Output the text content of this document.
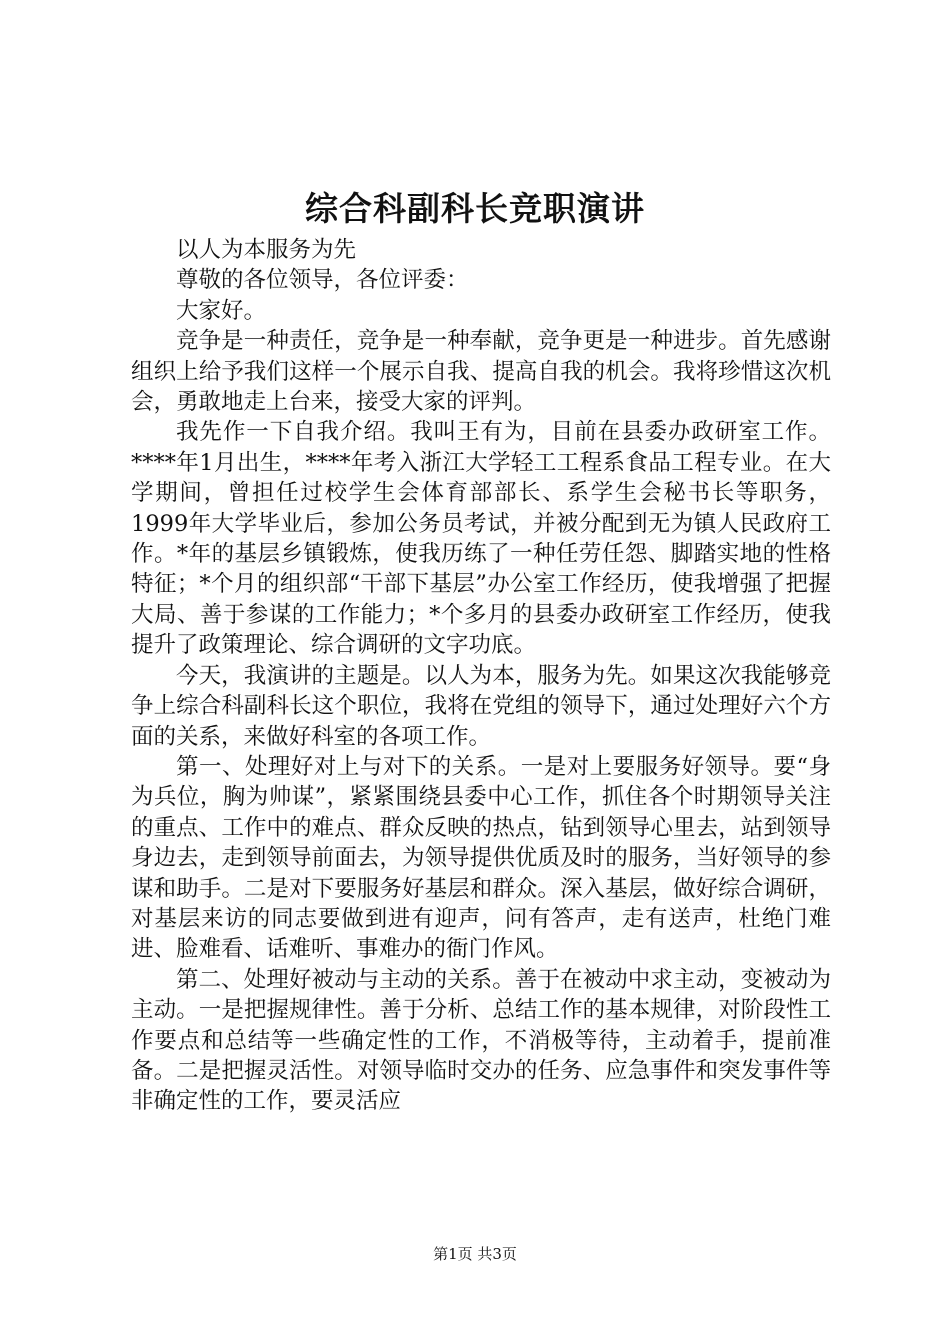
综合科副科长竞职演讲

以人为本服务为先

尊敬的各位领导，各位评委：

大家好。

竞争是一种责任，竞争是一种奉献，竞争更是一种进步。首先感谢组织上给予我们这样一个展示自我、提高自我的机会。我将珍惜这次机会，勇敢地走上台来，接受大家的评判。

我先作一下自我介绍。我叫王有为，目前在县委办政研室工作。****年1月出生，****年考入浙江大学轻工工程系食品工程专业。在大学期间，曾担任过校学生会体育部部长、系学生会秘书长等职务，1999年大学毕业后，参加公务员考试，并被分配到无为镇人民政府工作。*年的基层乡镇锻炼，使我历练了一种任劳任怨、脚踏实地的性格特征；*个月的组织部“干部下基层”办公室工作经历，使我增强了把握大局、善于参谋的工作能力；*个多月的县委办政研室工作经历，使我提升了政策理论、综合调研的文字功底。

今天，我演讲的主题是。以人为本，服务为先。如果这次我能够竞争上综合科副科长这个职位，我将在党组的领导下，通过处理好六个方面的关系，来做好科室的各项工作。

第一、处理好对上与对下的关系。一是对上要服务好领导。要“身为兵位，胸为帅谋”，紧紧围绕县委中心工作，抓住各个时期领导关注的重点、工作中的难点、群众反映的热点，钻到领导心里去，站到领导身边去，走到领导前面去，为领导提供优质及时的服务，当好领导的参谋和助手。二是对下要服务好基层和群众。深入基层，做好综合调研，对基层来访的同志要做到进有迎声，问有答声，走有送声，杜绝门难进、脸难看、话难听、事难办的衙门作风。

第二、处理好被动与主动的关系。善于在被动中求主动，变被动为主动。一是把握规律性。善于分析、总结工作的基本规律，对阶段性工作要点和总结等一些确定性的工作，不消极等待，主动着手，提前准备。二是把握灵活性。对领导临时交办的任务、应急事件和突发事件等非确定性的工作，要灵活应

第1页 共3页
